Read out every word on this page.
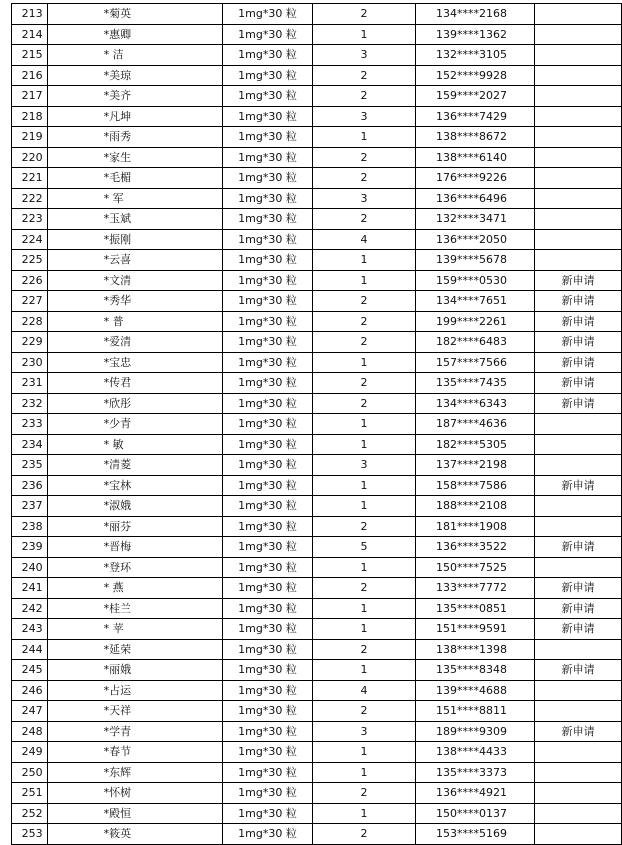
213	*菊英	1mg*30 粒	2	134****2168	
214	*惠卿	1mg*30 粒	1	139****1362	
215	* 洁	1mg*30 粒	3	132****3105	
216	*美琼	1mg*30 粒	2	152****9928	
217	*美齐	1mg*30 粒	2	159****2027	
218	*凡坤	1mg*30 粒	3	136****7429	
219	*雨秀	1mg*30 粒	1	138****8672	
220	*家生	1mg*30 粒	2	138****6140	
221	*毛楣	1mg*30 粒	2	176****9226	
222	* 军	1mg*30 粒	3	136****6496	
223	*玉斌	1mg*30 粒	2	132****3471	
224	*振刚	1mg*30 粒	4	136****2050	
225	*云喜	1mg*30 粒	1	139****5678	
226	*文清	1mg*30 粒	1	159****0530	新申请
227	*秀华	1mg*30 粒	2	134****7651	新申请
228	* 普	1mg*30 粒	2	199****2261	新申请
229	*爱清	1mg*30 粒	2	182****6483	新申请
230	*宝忠	1mg*30 粒	1	157****7566	新申请
231	*传君	1mg*30 粒	2	135****7435	新申请
232	*欣彤	1mg*30 粒	2	134****6343	新申请
233	*少青	1mg*30 粒	1	187****4636	
234	* 敏	1mg*30 粒	1	182****5305	
235	*清菱	1mg*30 粒	3	137****2198	
236	*宝林	1mg*30 粒	1	158****7586	新申请
237	*淑娥	1mg*30 粒	1	188****2108	
238	*丽芬	1mg*30 粒	2	181****1908	
239	*晋梅	1mg*30 粒	5	136****3522	新申请
240	*登环	1mg*30 粒	1	150****7525	
241	* 燕	1mg*30 粒	2	133****7772	新申请
242	*桂兰	1mg*30 粒	1	135****0851	新申请
243	* 苹	1mg*30 粒	1	151****9591	新申请
244	*延荣	1mg*30 粒	2	138****1398	
245	*丽娥	1mg*30 粒	1	135****8348	新申请
246	*占运	1mg*30 粒	4	139****4688	
247	*天祥	1mg*30 粒	2	151****8811	
248	*学青	1mg*30 粒	3	189****9309	新申请
249	*春节	1mg*30 粒	1	138****4433	
250	*东辉	1mg*30 粒	1	135****3373	
251	*怀树	1mg*30 粒	2	136****4921	
252	*殿恒	1mg*30 粒	1	150****0137	
253	*筱英	1mg*30 粒	2	153****5169	
